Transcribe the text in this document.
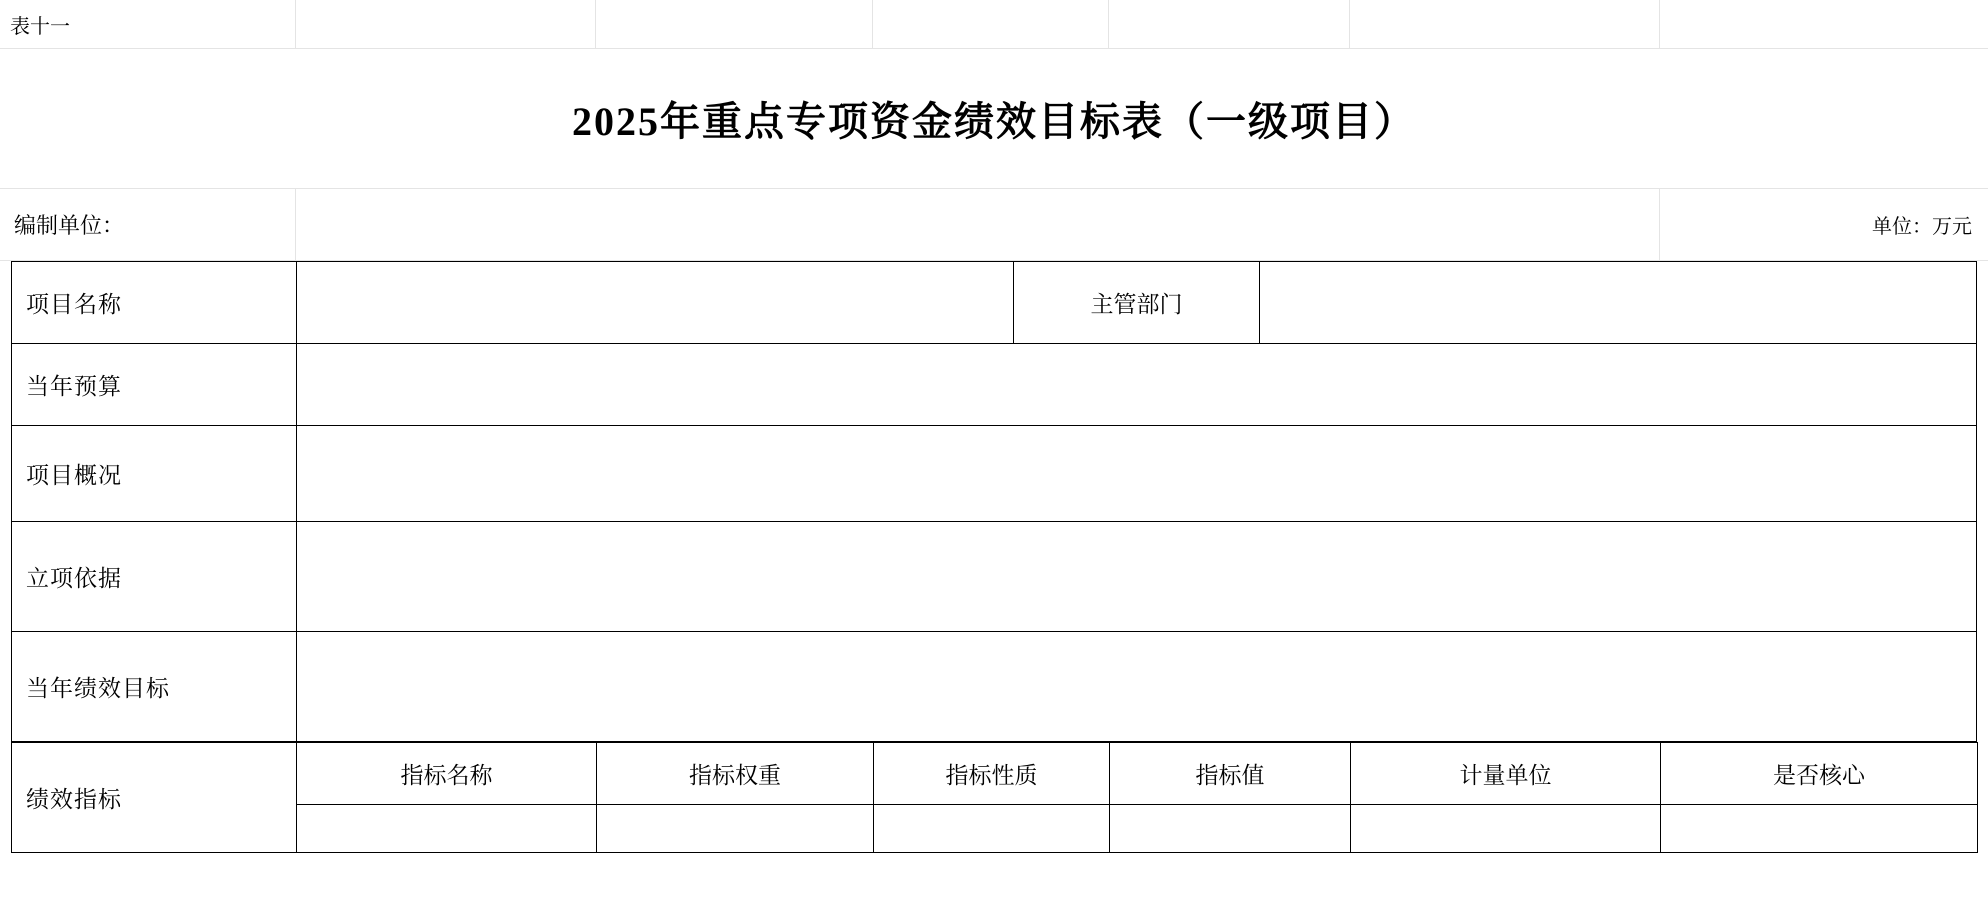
表十一
2025年重点专项资金绩效目标表（一级项目）
编制单位：	单位：万元
项目名称		主管部门	
当年预算			
项目概况			
立项依据			
当年绩效目标			
绩效指标	指标名称	指标权重	指标性质	指标值	计量单位	是否核心
